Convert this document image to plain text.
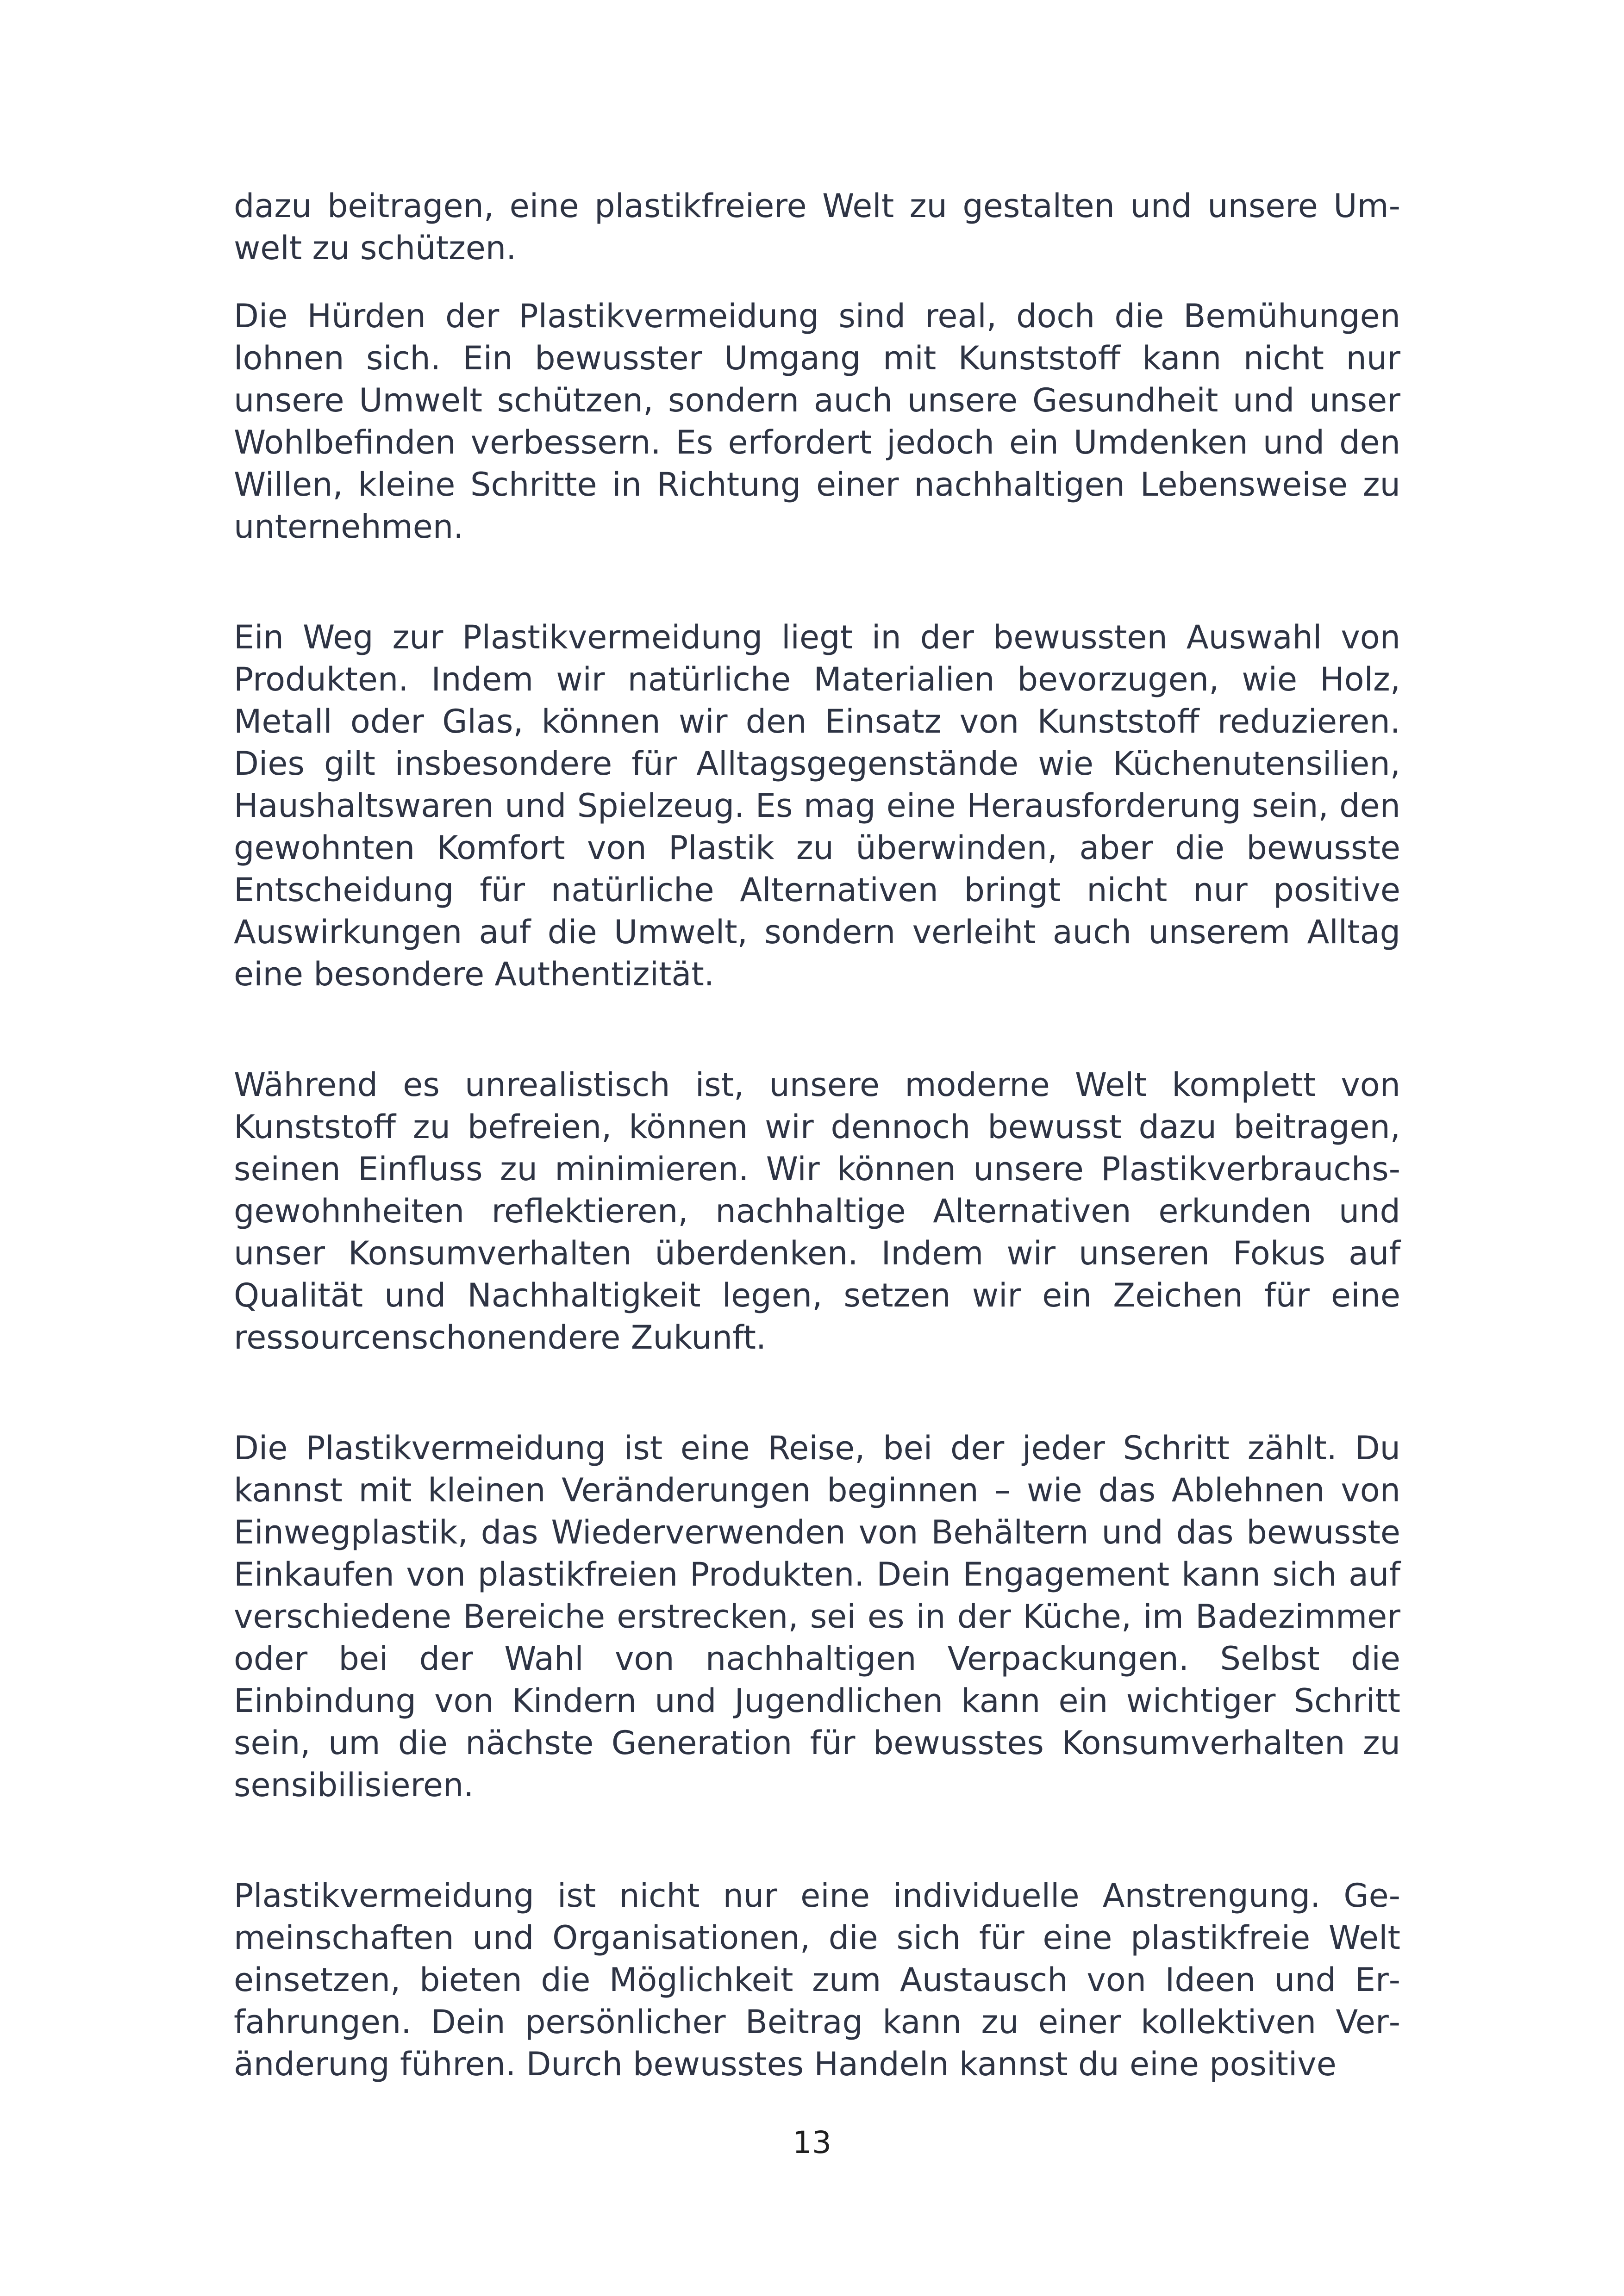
dazu beitragen, eine plastikfreiere Welt zu gestalten und unsere Umwelt zu schützen.

Die Hürden der Plastikvermeidung sind real, doch die Bemühungen lohnen sich. Ein bewusster Umgang mit Kunststoff kann nicht nur unsere Umwelt schützen, sondern auch unsere Gesundheit und unser Wohlbefinden verbessern. Es erfordert jedoch ein Umdenken und den Willen, kleine Schritte in Richtung einer nachhaltigen Lebensweise zu unternehmen.

Ein Weg zur Plastikvermeidung liegt in der bewussten Auswahl von Produkten. Indem wir natürliche Materialien bevorzugen, wie Holz, Metall oder Glas, können wir den Einsatz von Kunststoff reduzieren. Dies gilt insbesondere für Alltagsgegenstände wie Küchenutensilien, Haushaltswaren und Spielzeug. Es mag eine Herausforderung sein, den gewohnten Komfort von Plastik zu überwinden, aber die bewusste Entscheidung für natürliche Alternativen bringt nicht nur positive Auswirkungen auf die Umwelt, sondern verleiht auch unserem Alltag eine besondere Authentizität.

Während es unrealistisch ist, unsere moderne Welt komplett von Kunststoff zu befreien, können wir dennoch bewusst dazu beitragen, seinen Einfluss zu minimieren. Wir können unsere Plastikverbrauchsgewohnheiten reflektieren, nachhaltige Alternativen erkunden und unser Konsumverhalten überdenken. Indem wir unseren Fokus auf Qualität und Nachhaltigkeit legen, setzen wir ein Zeichen für eine ressourcenschonendere Zukunft.

Die Plastikvermeidung ist eine Reise, bei der jeder Schritt zählt. Du kannst mit kleinen Veränderungen beginnen – wie das Ablehnen von Einwegplastik, das Wiederverwenden von Behältern und das bewusste Einkaufen von plastikfreien Produkten. Dein Engagement kann sich auf verschiedene Bereiche erstrecken, sei es in der Küche, im Badezimmer oder bei der Wahl von nachhaltigen Verpackungen. Selbst die Einbindung von Kindern und Jugendlichen kann ein wichtiger Schritt sein, um die nächste Generation für bewusstes Konsumverhalten zu sensibilisieren.

Plastikvermeidung ist nicht nur eine individuelle Anstrengung. Gemeinschaften und Organisationen, die sich für eine plastikfreie Welt einsetzen, bieten die Möglichkeit zum Austausch von Ideen und Erfahrungen. Dein persönlicher Beitrag kann zu einer kollektiven Veränderung führen. Durch bewusstes Handeln kannst du eine positive

13
